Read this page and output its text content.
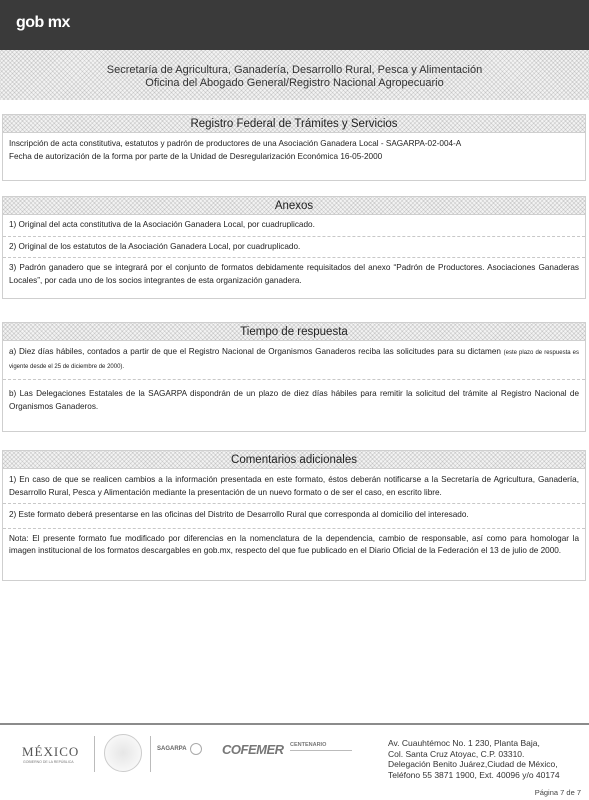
gob mx
Secretaría de Agricultura, Ganadería, Desarrollo Rural, Pesca y Alimentación
Oficina del Abogado General/Registro Nacional Agropecuario
Registro Federal de Trámites y Servicios
Inscripción de acta constitutiva, estatutos y padrón de productores de una Asociación Ganadera Local - SAGARPA-02-004-A
Fecha de autorización de la forma por parte de la Unidad de Desregularización Económica 16-05-2000
Anexos
1) Original del acta constitutiva de la Asociación Ganadera Local, por cuadruplicado.
2) Original de los estatutos de la Asociación Ganadera Local, por cuadruplicado.
3) Padrón ganadero que se integrará por el conjunto de formatos debidamente requisitados del anexo “Padrón de Productores. Asociaciones Ganaderas Locales”, por cada uno de los socios integrantes de esta organización ganadera.
Tiempo de respuesta
a) Diez días hábiles, contados a partir de que el Registro Nacional de Organismos Ganaderos reciba las solicitudes para su dictamen (este plazo de respuesta es vigente desde el 25 de diciembre de 2000).
b) Las Delegaciones Estatales de la SAGARPA dispondrán de un plazo de diez días hábiles para remitir la solicitud del trámite al Registro Nacional de Organismos Ganaderos.
Comentarios adicionales
1) En caso de que se realicen cambios a la información presentada en este formato, éstos deberán notificarse a la Secretaría de Agricultura, Ganadería, Desarrollo Rural, Pesca y Alimentación mediante la presentación de un nuevo formato o de ser el caso, en escrito libre.
2) Este formato deberá presentarse en las oficinas del Distrito de Desarrollo Rural que corresponda al domicilio del interesado.
Nota: El presente formato fue modificado por diferencias en la nomenclatura de la dependencia, cambio de responsable, así como para homologar la imagen institucional de los formatos descargables en gob.mx, respecto del que fue publicado en el Diario Oficial de la Federación el 13 de julio de 2000.
MÉXICO
GOBIERNO DE LA REPÚBLICA
SAGARPA	COFEMER CENTENARIO	Av. Cuauhtémoc No. 1 230, Planta Baja,
Col. Santa Cruz Atoyac, C.P. 03310.
Delegación Benito Juárez,Ciudad de México,
Teléfono 55 3871 1900, Ext. 40096 y/o 40174
Página 7 de 7
